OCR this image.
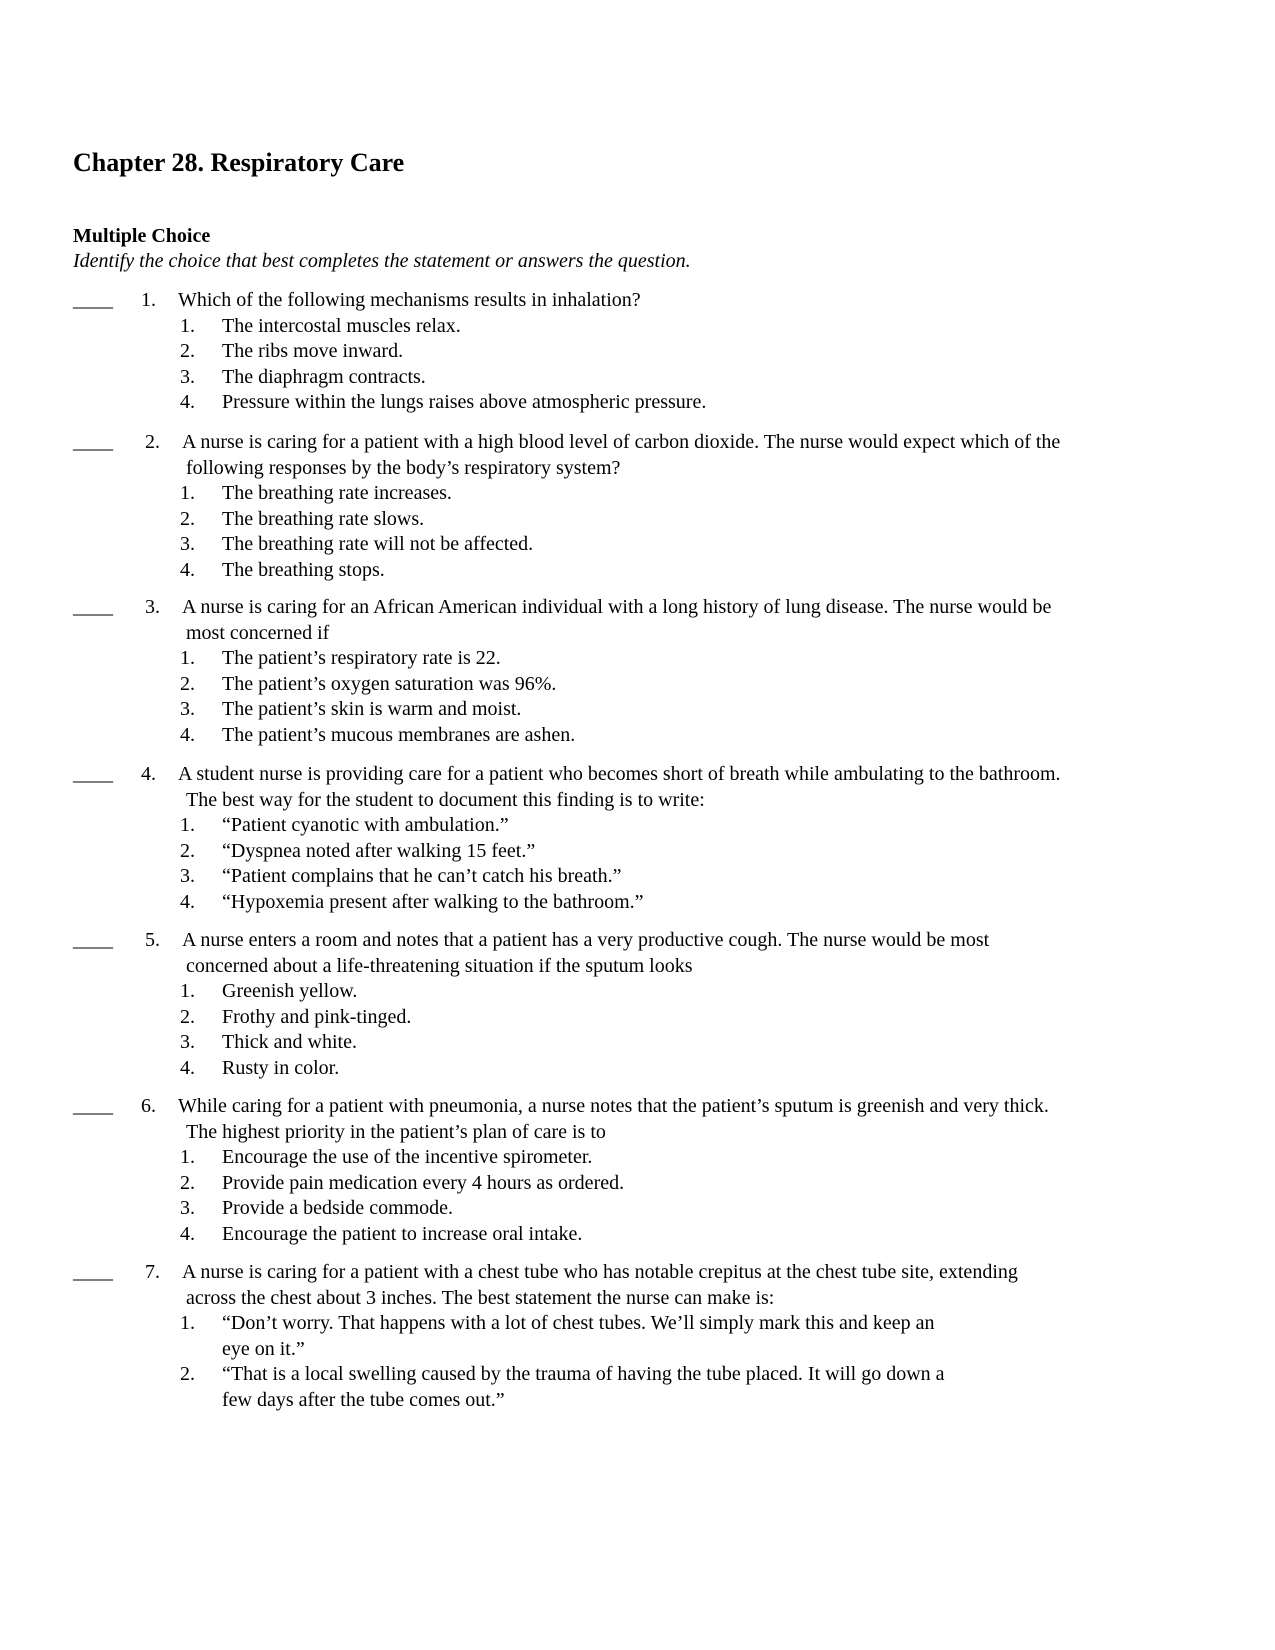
Chapter 28. Respiratory Care
Multiple Choice
Identify the choice that best completes the statement or answers the question.
____ 1. Which of the following mechanisms results in inhalation?
1. The intercostal muscles relax.
2. The ribs move inward.
3. The diaphragm contracts.
4. Pressure within the lungs raises above atmospheric pressure.
____ 2. A nurse is caring for a patient with a high blood level of carbon dioxide. The nurse would expect which of the
following responses by the body’s respiratory system?
1. The breathing rate increases.
2. The breathing rate slows.
3. The breathing rate will not be affected.
4. The breathing stops.
____ 3. A nurse is caring for an African American individual with a long history of lung disease. The nurse would be
most concerned if
1. The patient’s respiratory rate is 22.
2. The patient’s oxygen saturation was 96%.
3. The patient’s skin is warm and moist.
4. The patient’s mucous membranes are ashen.
____ 4. A student nurse is providing care for a patient who becomes short of breath while ambulating to the bathroom.
The best way for the student to document this finding is to write:
1. “Patient cyanotic with ambulation.”
2. “Dyspnea noted after walking 15 feet.”
3. “Patient complains that he can’t catch his breath.”
4. “Hypoxemia present after walking to the bathroom.”
____ 5. A nurse enters a room and notes that a patient has a very productive cough. The nurse would be most
concerned about a life-threatening situation if the sputum looks
1. Greenish yellow.
2. Frothy and pink-tinged.
3. Thick and white.
4. Rusty in color.
____ 6. While caring for a patient with pneumonia, a nurse notes that the patient’s sputum is greenish and very thick.
The highest priority in the patient’s plan of care is to
1. Encourage the use of the incentive spirometer.
2. Provide pain medication every 4 hours as ordered.
3. Provide a bedside commode.
4. Encourage the patient to increase oral intake.
____ 7. A nurse is caring for a patient with a chest tube who has notable crepitus at the chest tube site, extending
across the chest about 3 inches. The best statement the nurse can make is:
1. “Don’t worry. That happens with a lot of chest tubes. We’ll simply mark this and keep an
eye on it.”
2. “That is a local swelling caused by the trauma of having the tube placed. It will go down a
few days after the tube comes out.”
